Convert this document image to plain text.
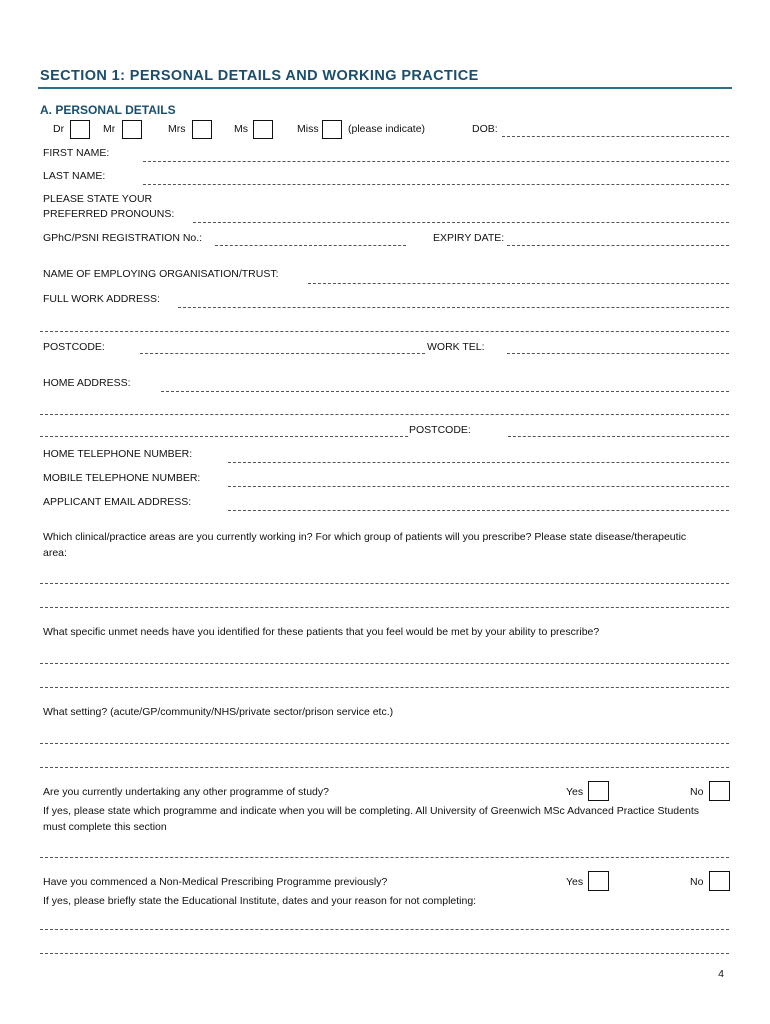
SECTION 1: PERSONAL DETAILS AND WORKING PRACTICE
A. PERSONAL DETAILS
Dr	Mr	Mrs	Ms	Miss	(please indicate)	DOB:
FIRST NAME:
LAST NAME:
PLEASE STATE YOUR
PREFERRED PRONOUNS:
GPhC/PSNI REGISTRATION No.:	EXPIRY DATE:
NAME OF EMPLOYING ORGANISATION/TRUST:
FULL WORK ADDRESS:
POSTCODE:	WORK TEL:
HOME ADDRESS:
POSTCODE:
HOME TELEPHONE NUMBER:
MOBILE TELEPHONE NUMBER:
APPLICANT EMAIL ADDRESS:
Which clinical/practice areas are you currently working in? For which group of patients will you prescribe? Please state disease/therapeutic area:
What specific unmet needs have you identified for these patients that you feel would be met by your ability to prescribe?
What setting? (acute/GP/community/NHS/private sector/prison service etc.)
Are you currently undertaking any other programme of study?	Yes	No
If yes, please state which programme and indicate when you will be completing. All University of Greenwich MSc Advanced Practice Students must complete this section
Have you commenced a Non-Medical Prescribing Programme previously?	Yes	No
If yes, please briefly state the Educational Institute, dates and your reason for not completing:
4
